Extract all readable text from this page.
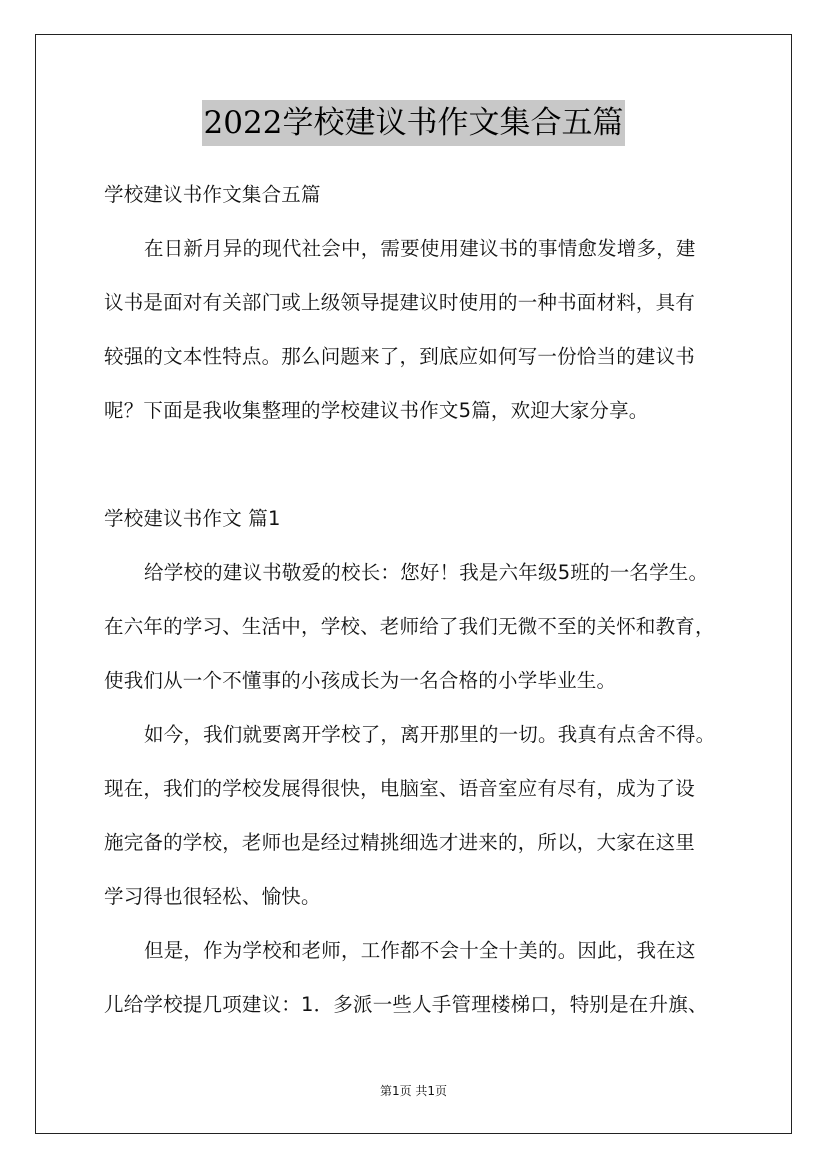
2022学校建议书作文集合五篇
学校建议书作文集合五篇
在日新月异的现代社会中，需要使用建议书的事情愈发增多，建
议书是面对有关部门或上级领导提建议时使用的一种书面材料，具有
较强的文本性特点。那么问题来了，到底应如何写一份恰当的建议书
呢？下面是我收集整理的学校建议书作文5篇，欢迎大家分享。
学校建议书作文 篇1
给学校的建议书敬爱的校长：您好！我是六年级5班的一名学生。
在六年的学习、生活中，学校、老师给了我们无微不至的关怀和教育，
使我们从一个不懂事的小孩成长为一名合格的小学毕业生。
如今，我们就要离开学校了，离开那里的一切。我真有点舍不得。
现在，我们的学校发展得很快，电脑室、语音室应有尽有，成为了设
施完备的学校，老师也是经过精挑细选才进来的，所以，大家在这里
学习得也很轻松、愉快。
但是，作为学校和老师，工作都不会十全十美的。因此，我在这
儿给学校提几项建议：1．多派一些人手管理楼梯口，特别是在升旗、
第1页 共1页
